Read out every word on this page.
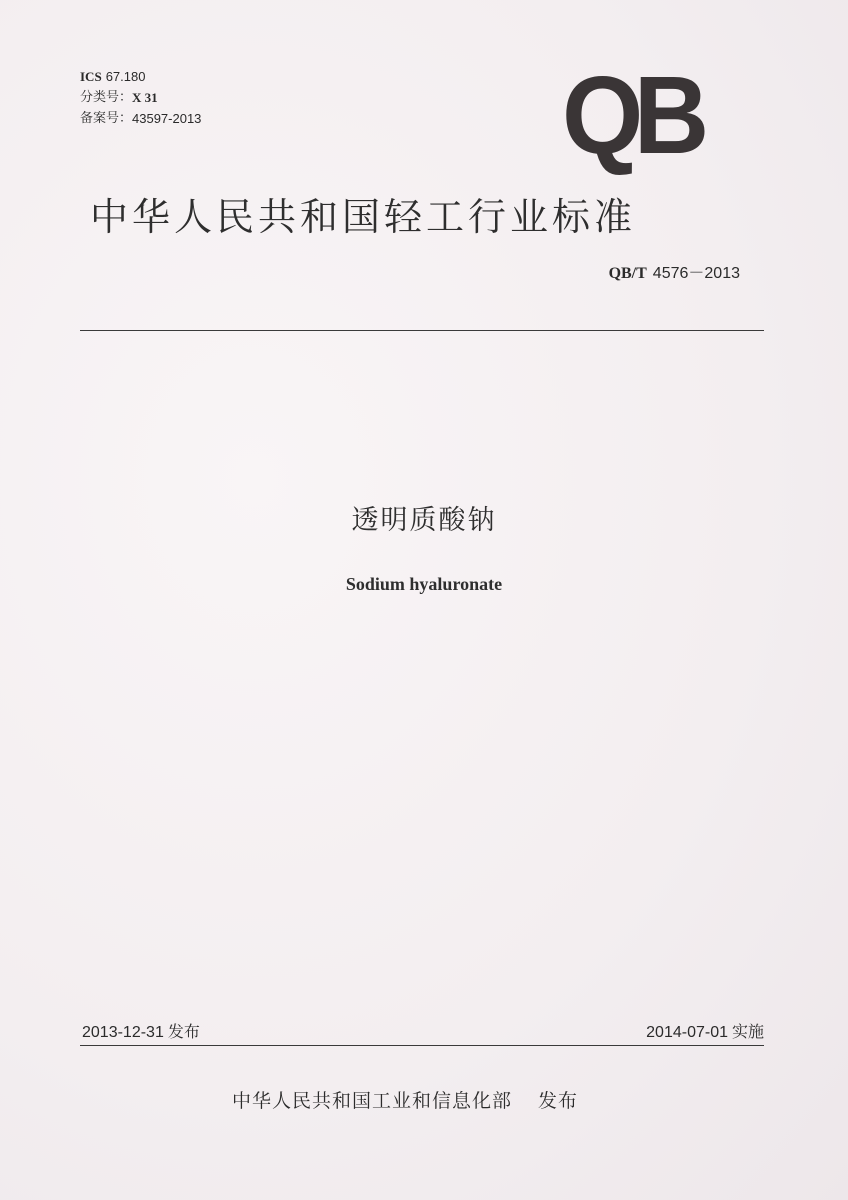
ICS 67.180
分类号： X 31
备案号： 43597-2013	QB
中华人民共和国轻工行业标准
QB/T 4576－2013
透明质酸钠
Sodium hyaluronate
2013-12-31 发布	2014-07-01 实施
中华人民共和国工业和信息化部 发布
